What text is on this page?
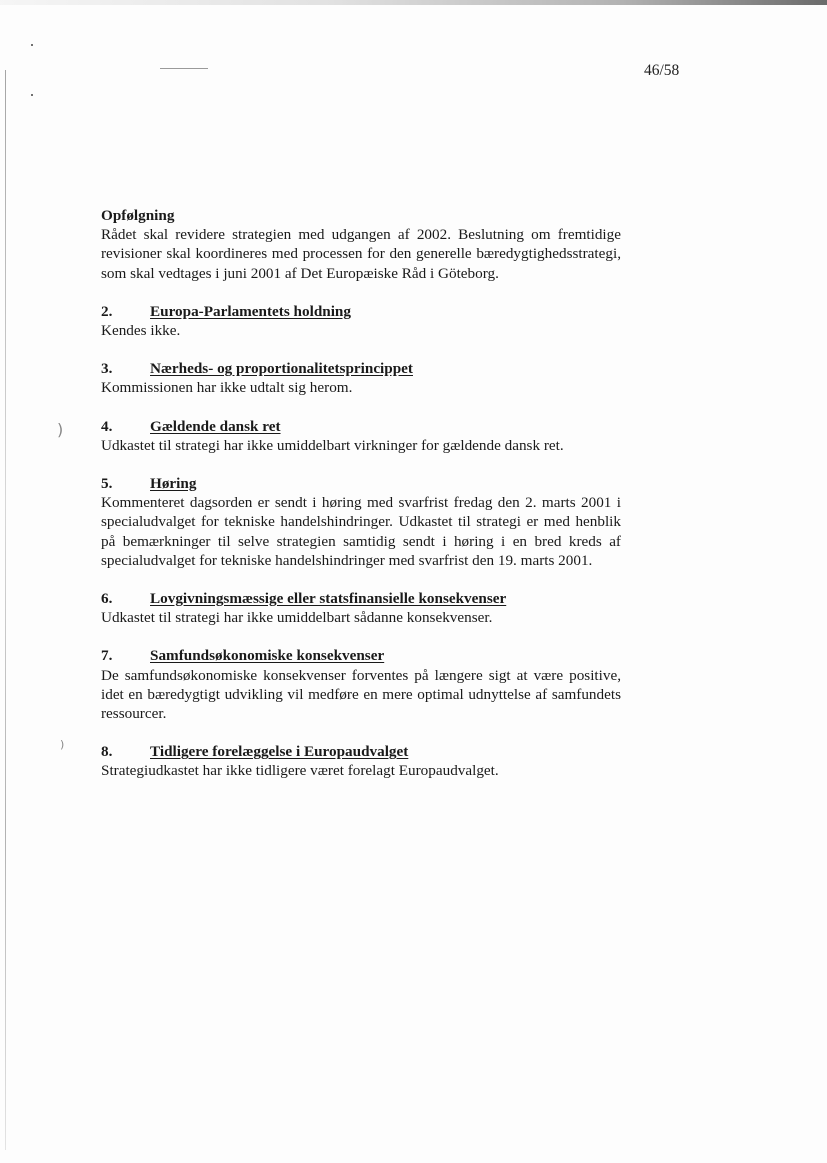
)
)
46/58

Opfølgning

Rådet skal revidere strategien med udgangen af 2002. Beslutning om fremtidige revisioner skal koordineres med processen for den generelle bæredygtighedsstrategi, som skal vedtages i juni 2001 af Det Europæiske Råd i Göteborg.

2.	Europa-Parlamentets holdning

Kendes ikke.

3.	Nærheds- og proportionalitetsprincippet

Kommissionen har ikke udtalt sig herom.

4.	Gældende dansk ret

Udkastet til strategi har ikke umiddelbart virkninger for gældende dansk ret.

5.	Høring

Kommenteret dagsorden er sendt i høring med svarfrist fredag den 2. marts 2001 i specialudvalget for tekniske handelshindringer. Udkastet til strategi er med henblik på bemærkninger til selve strategien samtidig sendt i høring i en bred kreds af specialudvalget for tekniske handelshindringer med svarfrist den 19. marts 2001.

6.	Lovgivningsmæssige eller statsfinansielle konsekvenser

Udkastet til strategi har ikke umiddelbart sådanne konsekvenser.

7.	Samfundsøkonomiske konsekvenser

De samfundsøkonomiske konsekvenser forventes på længere sigt at være positive, idet en bæredygtigt udvikling vil medføre en mere optimal udnyttelse af samfundets ressourcer.

8.	Tidligere forelæggelse i Europaudvalget

Strategiudkastet har ikke tidligere været forelagt Europaudvalget.
